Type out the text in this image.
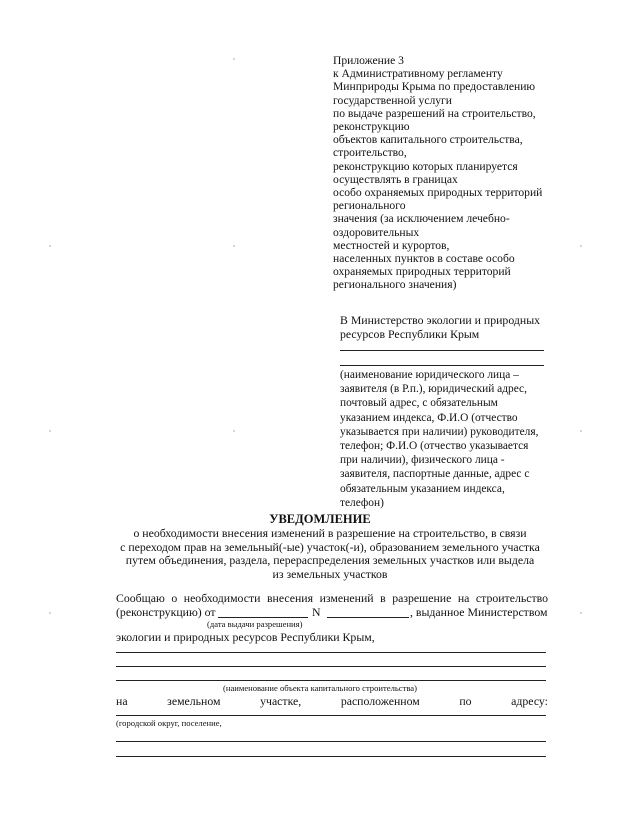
Приложение 3
к Административному регламенту
Минприроды Крыма по предоставлению
государственной услуги
по выдаче разрешений на строительство,
реконструкцию
объектов капитального строительства,
строительство,
реконструкцию которых планируется
осуществлять в границах
особо охраняемых природных территорий
регионального
значения (за исключением лечебно-
оздоровительных
местностей и курортов,
населенных пунктов в составе особо
охраняемых природных территорий
регионального значения)
В Министерство экологии и природных
ресурсов Республики Крым
(наименование юридического лица –
заявителя (в Р.п.), юридический адрес,
почтовый адрес, с обязательным
указанием индекса, Ф.И.О (отчество
указывается при наличии) руководителя,
телефон; Ф.И.О (отчество указывается
при наличии), физического лица -
заявителя, паспортные данные, адрес с
обязательным указанием индекса,
телефон)
УВЕДОМЛЕНИЕ
о необходимости внесения изменений в разрешение на строительство, в связи
с переходом прав на земельный(-ые) участок(-и), образованием земельного участка
путем объединения, раздела, перераспределения земельных участков или выдела
из земельных участков
Сообщаю о необходимости внесения изменений в разрешение на строительство
(реконструкцию) от	N	, выданное Министерством
(дата выдачи разрешения)
экологии и природных ресурсов Республики Крым,
(наименование объекта капитального строительства)
на	земельном	участке,	расположенном	по	адресу:
(городской округ, поселение,
